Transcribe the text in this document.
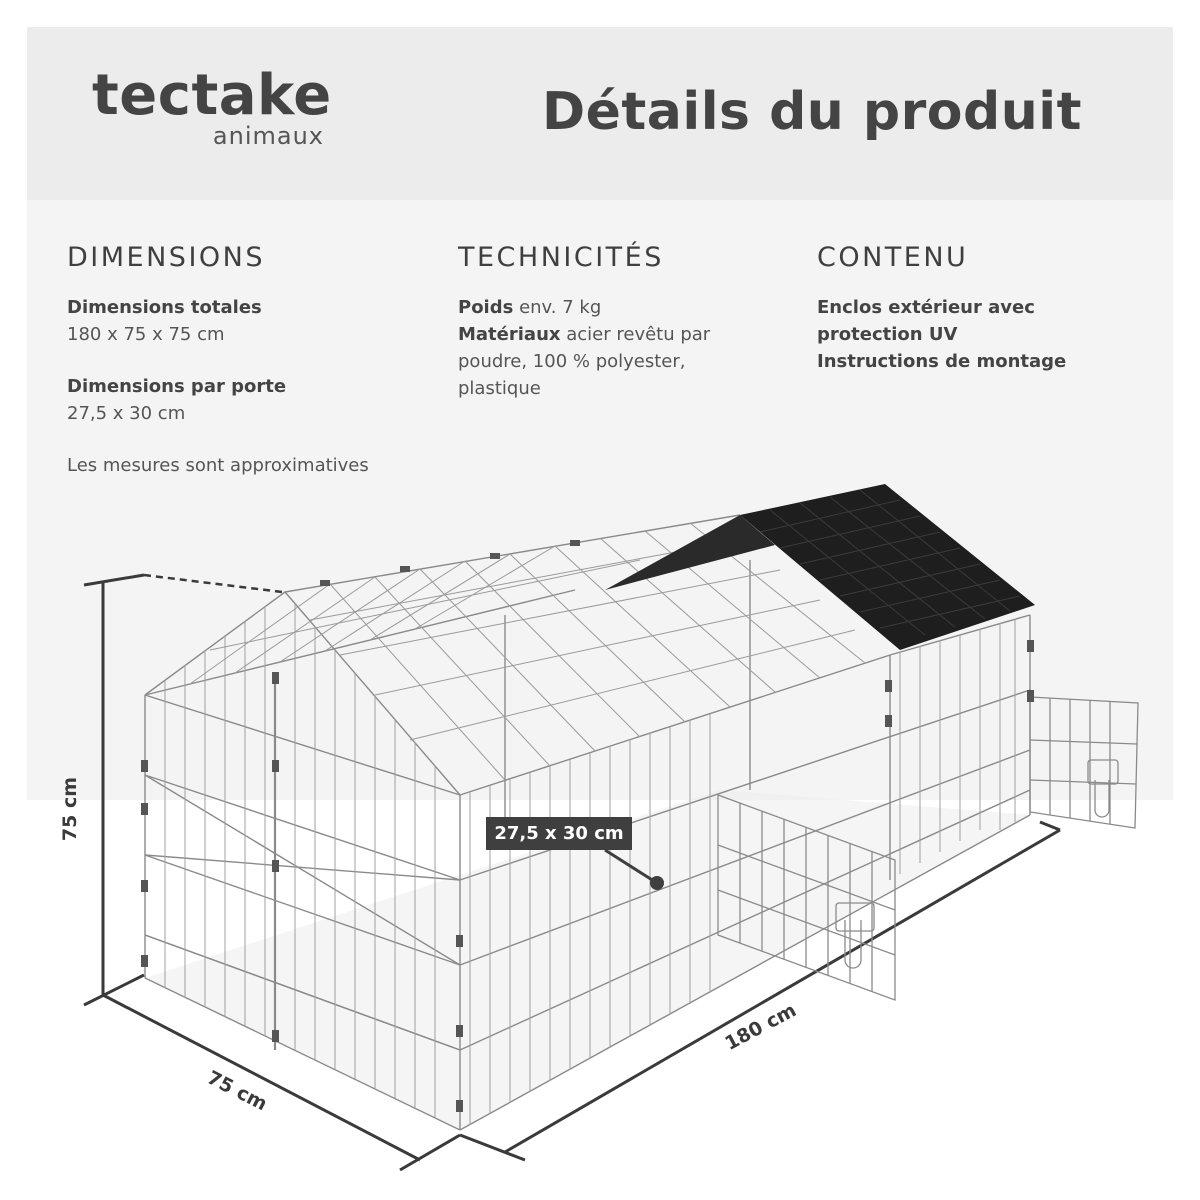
tectake
animaux	Détails du produit
DIMENSIONS

Dimensions totales

180 x 75 x 75 cm

Dimensions par porte

27,5 x 30 cm

Les mesures sont approximatives

TECHNICITÉS

Poids env. 7 kg

Matériaux acier revêtu par poudre, 100 % polyester, plastique

CONTENU

Enclos extérieur avec protection UV

Instructions de montage

27,5 x 30 cm
75 cm
75 cm
180 cm
